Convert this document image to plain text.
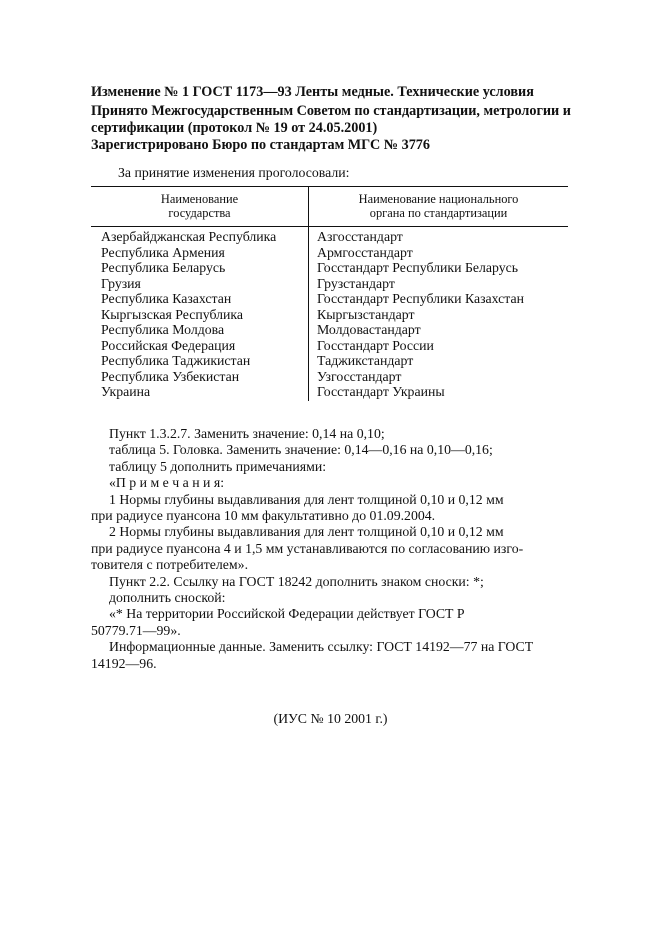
Изменение № 1 ГОСТ 1173—93 Ленты медные. Технические условия
Принято Межгосударственным Советом по стандартизации, метрологии и
сертификации (протокол № 19 от 24.05.2001)
Зарегистрировано Бюро по стандартам МГС № 3776
За принятие изменения проголосовали:
Наименование
государства
Наименование национального
органа по стандартизации
Азербайджанская Республика
Республика Армения
Республика Беларусь
Грузия
Республика Казахстан
Кыргызская Республика
Республика Молдова
Российская Федерация
Республика Таджикистан
Республика Узбекистан
Украина
Азгосстандарт
Армгосстандарт
Госстандарт Республики Беларусь
Грузстандарт
Госстандарт Республики Казахстан
Кыргызстандарт
Молдовастандарт
Госстандарт России
Таджикстандарт
Узгосстандарт
Госстандарт Украины

Пункт 1.3.2.7. Заменить значение: 0,14 на 0,10;

таблица 5. Головка. Заменить значение: 0,14—0,16 на 0,10—0,16;

таблицу 5 дополнить примечаниями:

«П р и м е ч а н и я:

1 Нормы глубины выдавливания для лент толщиной 0,10 и 0,12 мм

при радиусе пуансона 10 мм факультативно до 01.09.2004.

2 Нормы глубины выдавливания для лент толщиной 0,10 и 0,12 мм

при радиусе пуансона 4 и 1,5 мм устанавливаются по согласованию изго-

товителя с потребителем».

Пункт 2.2. Ссылку на ГОСТ 18242 дополнить знаком сноски: *;

дополнить сноской:

«* На территории Российской Федерации действует ГОСТ Р

50779.71—99».

Информационные данные. Заменить ссылку: ГОСТ 14192—77 на ГОСТ

14192—96.

(ИУС № 10 2001 г.)
